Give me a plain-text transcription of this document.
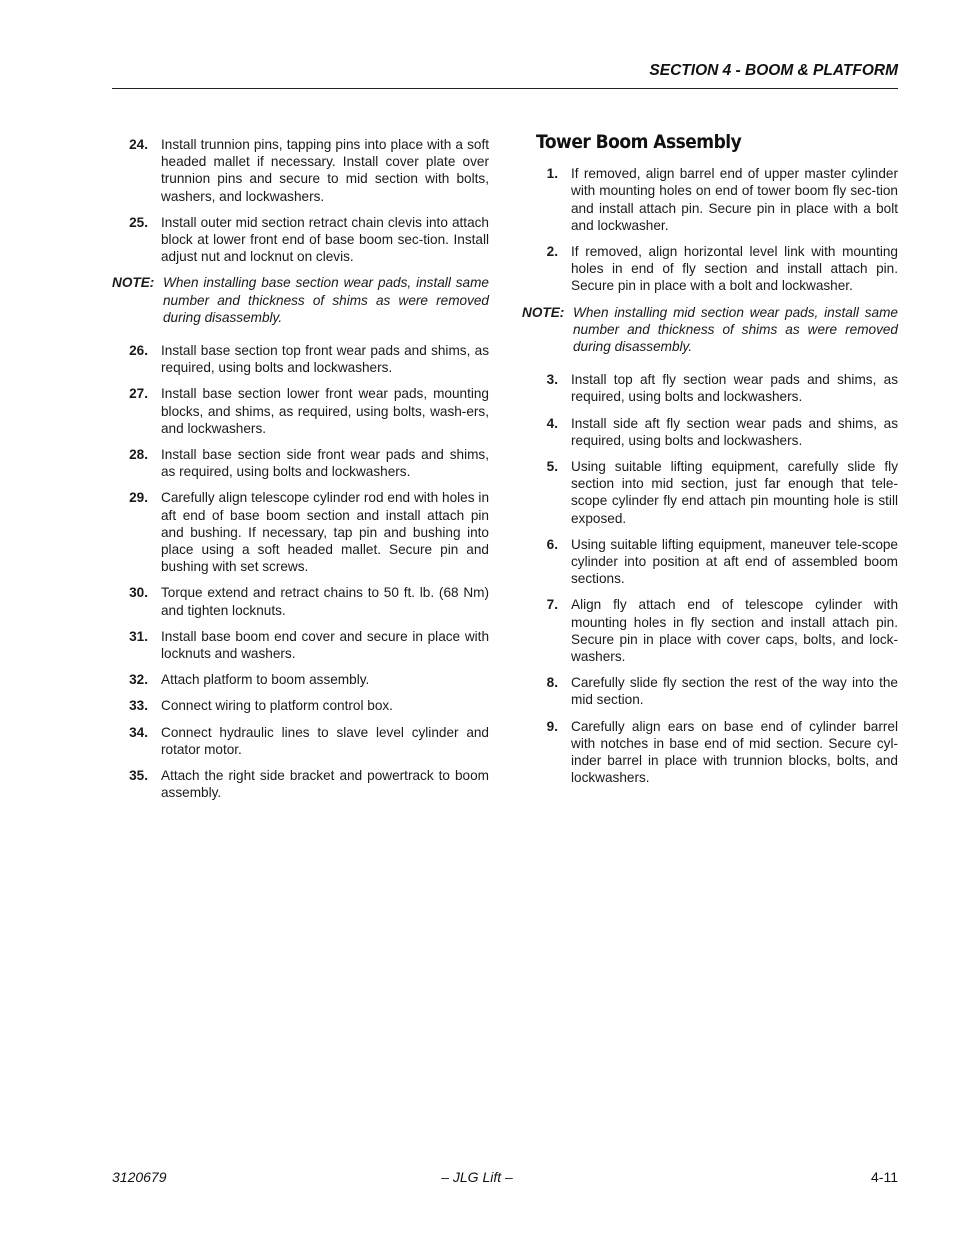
SECTION 4 - BOOM & PLATFORM
24. Install trunnion pins, tapping pins into place with a soft headed mallet if necessary. Install cover plate over trunnion pins and secure to mid section with bolts, washers, and lockwashers.
25. Install outer mid section retract chain clevis into attach block at lower front end of base boom sec-tion. Install adjust nut and locknut on clevis.
NOTE: When installing base section wear pads, install same number and thickness of shims as were removed during disassembly.
26. Install base section top front wear pads and shims, as required, using bolts and lockwashers.
27. Install base section lower front wear pads, mounting blocks, and shims, as required, using bolts, wash-ers, and lockwashers.
28. Install base section side front wear pads and shims, as required, using bolts and lockwashers.
29. Carefully align telescope cylinder rod end with holes in aft end of base boom section and install attach pin and bushing. If necessary, tap pin and bushing into place using a soft headed mallet. Secure pin and bushing with set screws.
30. Torque extend and retract chains to 50 ft. lb. (68 Nm) and tighten locknuts.
31. Install base boom end cover and secure in place with locknuts and washers.
32. Attach platform to boom assembly.
33. Connect wiring to platform control box.
34. Connect hydraulic lines to slave level cylinder and rotator motor.
35. Attach the right side bracket and powertrack to boom assembly.
Tower Boom Assembly
1. If removed, align barrel end of upper master cylinder with mounting holes on end of tower boom fly sec-tion and install attach pin. Secure pin in place with a bolt and lockwasher.
2. If removed, align horizontal level link with mounting holes in end of fly section and install attach pin. Secure pin in place with a bolt and lockwasher.
NOTE: When installing mid section wear pads, install same number and thickness of shims as were removed during disassembly.
3. Install top aft fly section wear pads and shims, as required, using bolts and lockwashers.
4. Install side aft fly section wear pads and shims, as required, using bolts and lockwashers.
5. Using suitable lifting equipment, carefully slide fly section into mid section, just far enough that tele-scope cylinder fly end attach pin mounting hole is still exposed.
6. Using suitable lifting equipment, maneuver tele-scope cylinder into position at aft end of assembled boom sections.
7. Align fly attach end of telescope cylinder with mounting holes in fly section and install attach pin. Secure pin in place with cover caps, bolts, and lock-washers.
8. Carefully slide fly section the rest of the way into the mid section.
9. Carefully align ears on base end of cylinder barrel with notches in base end of mid section. Secure cyl-inder barrel in place with trunnion blocks, bolts, and lockwashers.
3120679	– JLG Lift –	4-11
